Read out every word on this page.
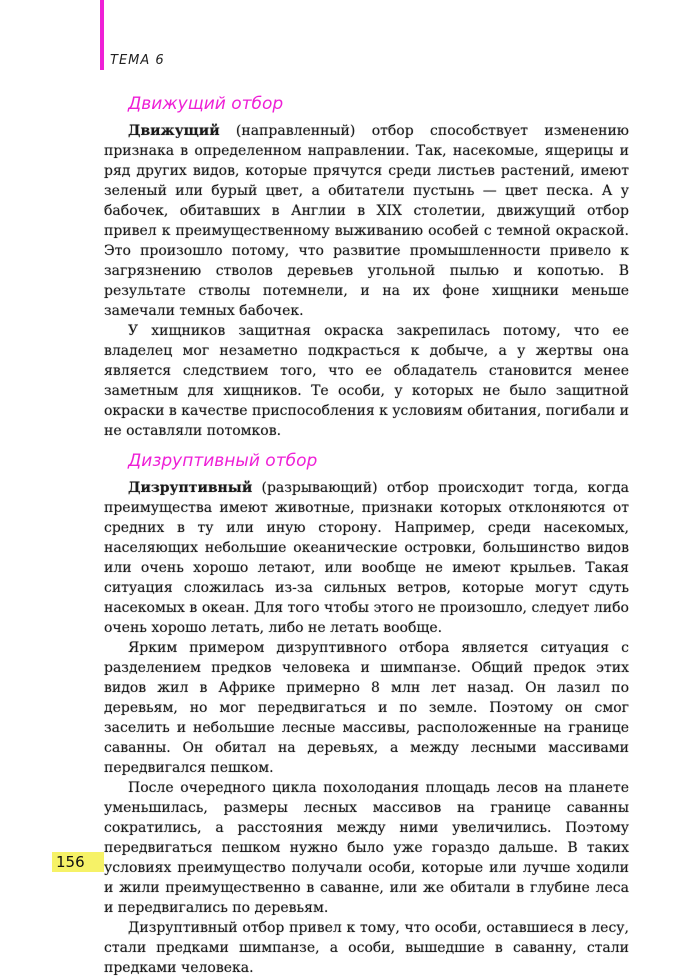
ТЕМА 6
Движущий отбор

Движущий (направленный) отбор способствует изменению признака в определенном направлении. Так, насекомые, ящерицы и ряд других видов, которые прячутся среди листьев растений, имеют зеленый или бурый цвет, а обитатели пустынь — цвет песка. А у бабочек, обитавших в Англии в XIX столетии, движущий отбор привел к преимущественному выживанию особей с темной окраской. Это произошло потому, что развитие промышленности привело к загрязнению стволов деревьев угольной пылью и копотью. В результате стволы потемнели, и на их фоне хищники меньше замечали темных бабочек.

У хищников защитная окраска закрепилась потому, что ее владелец мог незаметно подкрасться к добыче, а у жертвы она является следствием того, что ее обладатель становится менее заметным для хищников. Те особи, у которых не было защитной окраски в качестве приспособления к условиям обитания, погибали и не оставляли потомков.

Дизруптивный отбор

Дизруптивный (разрывающий) отбор происходит тогда, когда преимущества имеют животные, признаки которых отклоняются от средних в ту или иную сторону. Например, среди насекомых, населяющих небольшие океанические островки, большинство видов или очень хорошо летают, или вообще не имеют крыльев. Такая ситуация сложилась из-за сильных ветров, которые могут сдуть насекомых в океан. Для того чтобы этого не произошло, следует либо очень хорошо летать, либо не летать вообще.

Ярким примером дизруптивного отбора является ситуация с разделением предков человека и шимпанзе. Общий предок этих видов жил в Африке примерно 8 млн лет назад. Он лазил по деревьям, но мог передвигаться и по земле. Поэтому он смог заселить и небольшие лесные массивы, расположенные на границе саванны. Он обитал на деревьях, а между лесными массивами передвигался пешком.

После очередного цикла похолодания площадь лесов на планете уменьшилась, размеры лесных массивов на границе саванны сократились, а расстояния между ними увеличились. Поэтому передвигаться пешком нужно было уже гораздо дальше. В таких условиях преимущество получали особи, которые или лучше ходили и жили преимущественно в саванне, или же обитали в глубине леса и передвигались по деревьям.

Дизруптивный отбор привел к тому, что особи, оставшиеся в лесу, стали предками шимпанзе, а особи, вышедшие в саванну, стали предками человека.

156
